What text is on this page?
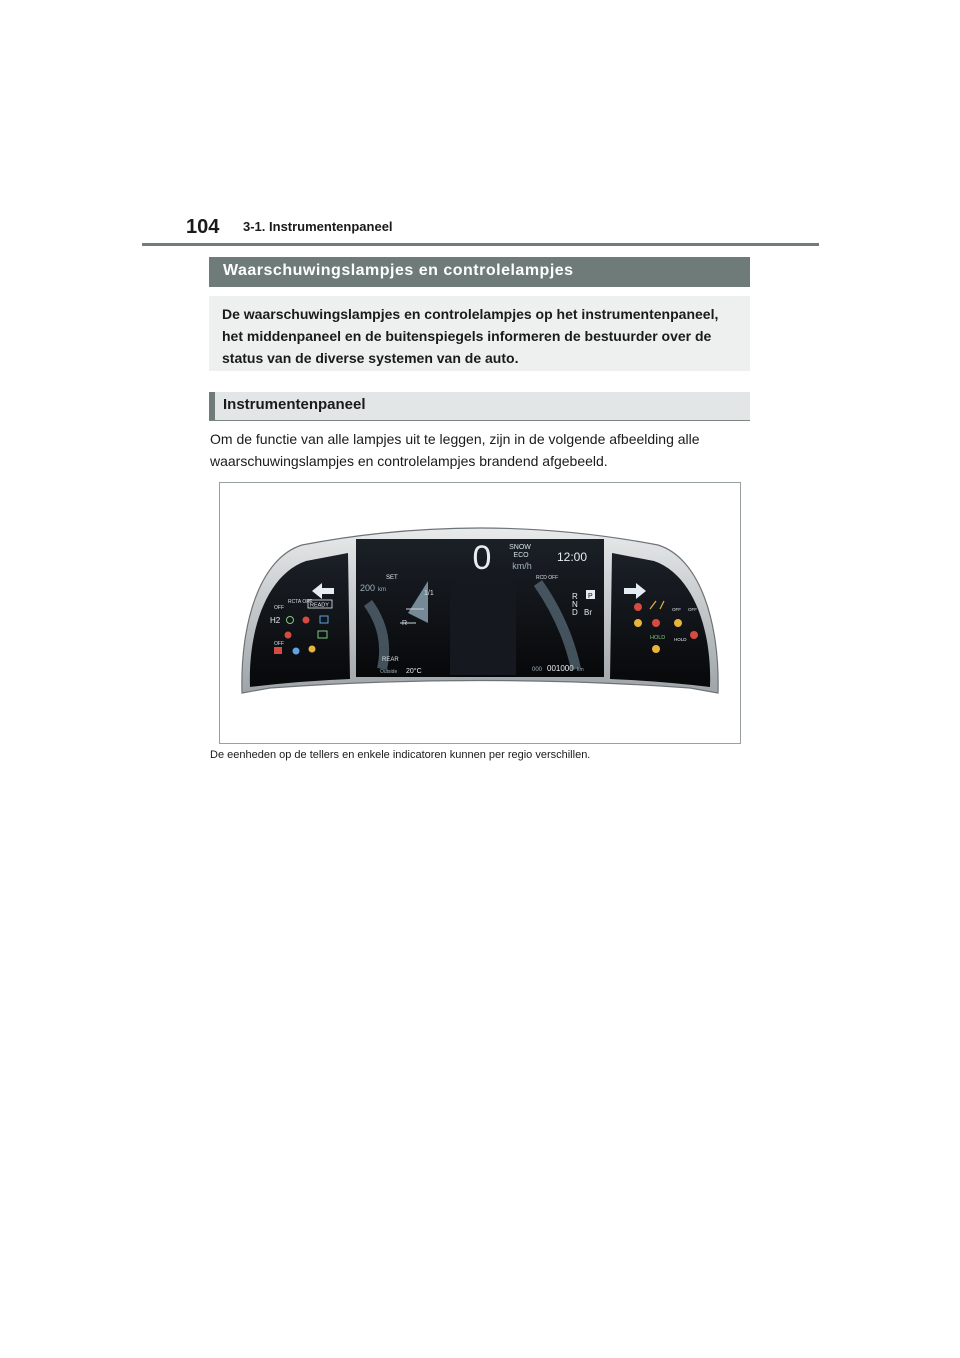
104 3-1. Instrumentenpaneel
Waarschuwingslampjes en controlelampjes
De waarschuwingslampjes en controlelampjes op het instrumentenpaneel, het middenpaneel en de buitenspiegels informeren de bestuurder over de status van de diverse systemen van de auto.
Instrumentenpaneel
Om de functie van alle lampjes uit te leggen, zijn in de volgende afbeelding alle waarschuwingslampjes en controlelampjes brandend afgebeeld.
0	SNOW
ECO
km/h
12:00
SET
200 km	1/1
R
REAR
Outside 20°C	000 001000 km
RCD OFF
R
N
D
P
Br
OFF
RCTA OFF
READY
H2
OFF
OFF OFF
HOLD HOLD
De eenheden op de tellers en enkele indicatoren kunnen per regio verschillen.
